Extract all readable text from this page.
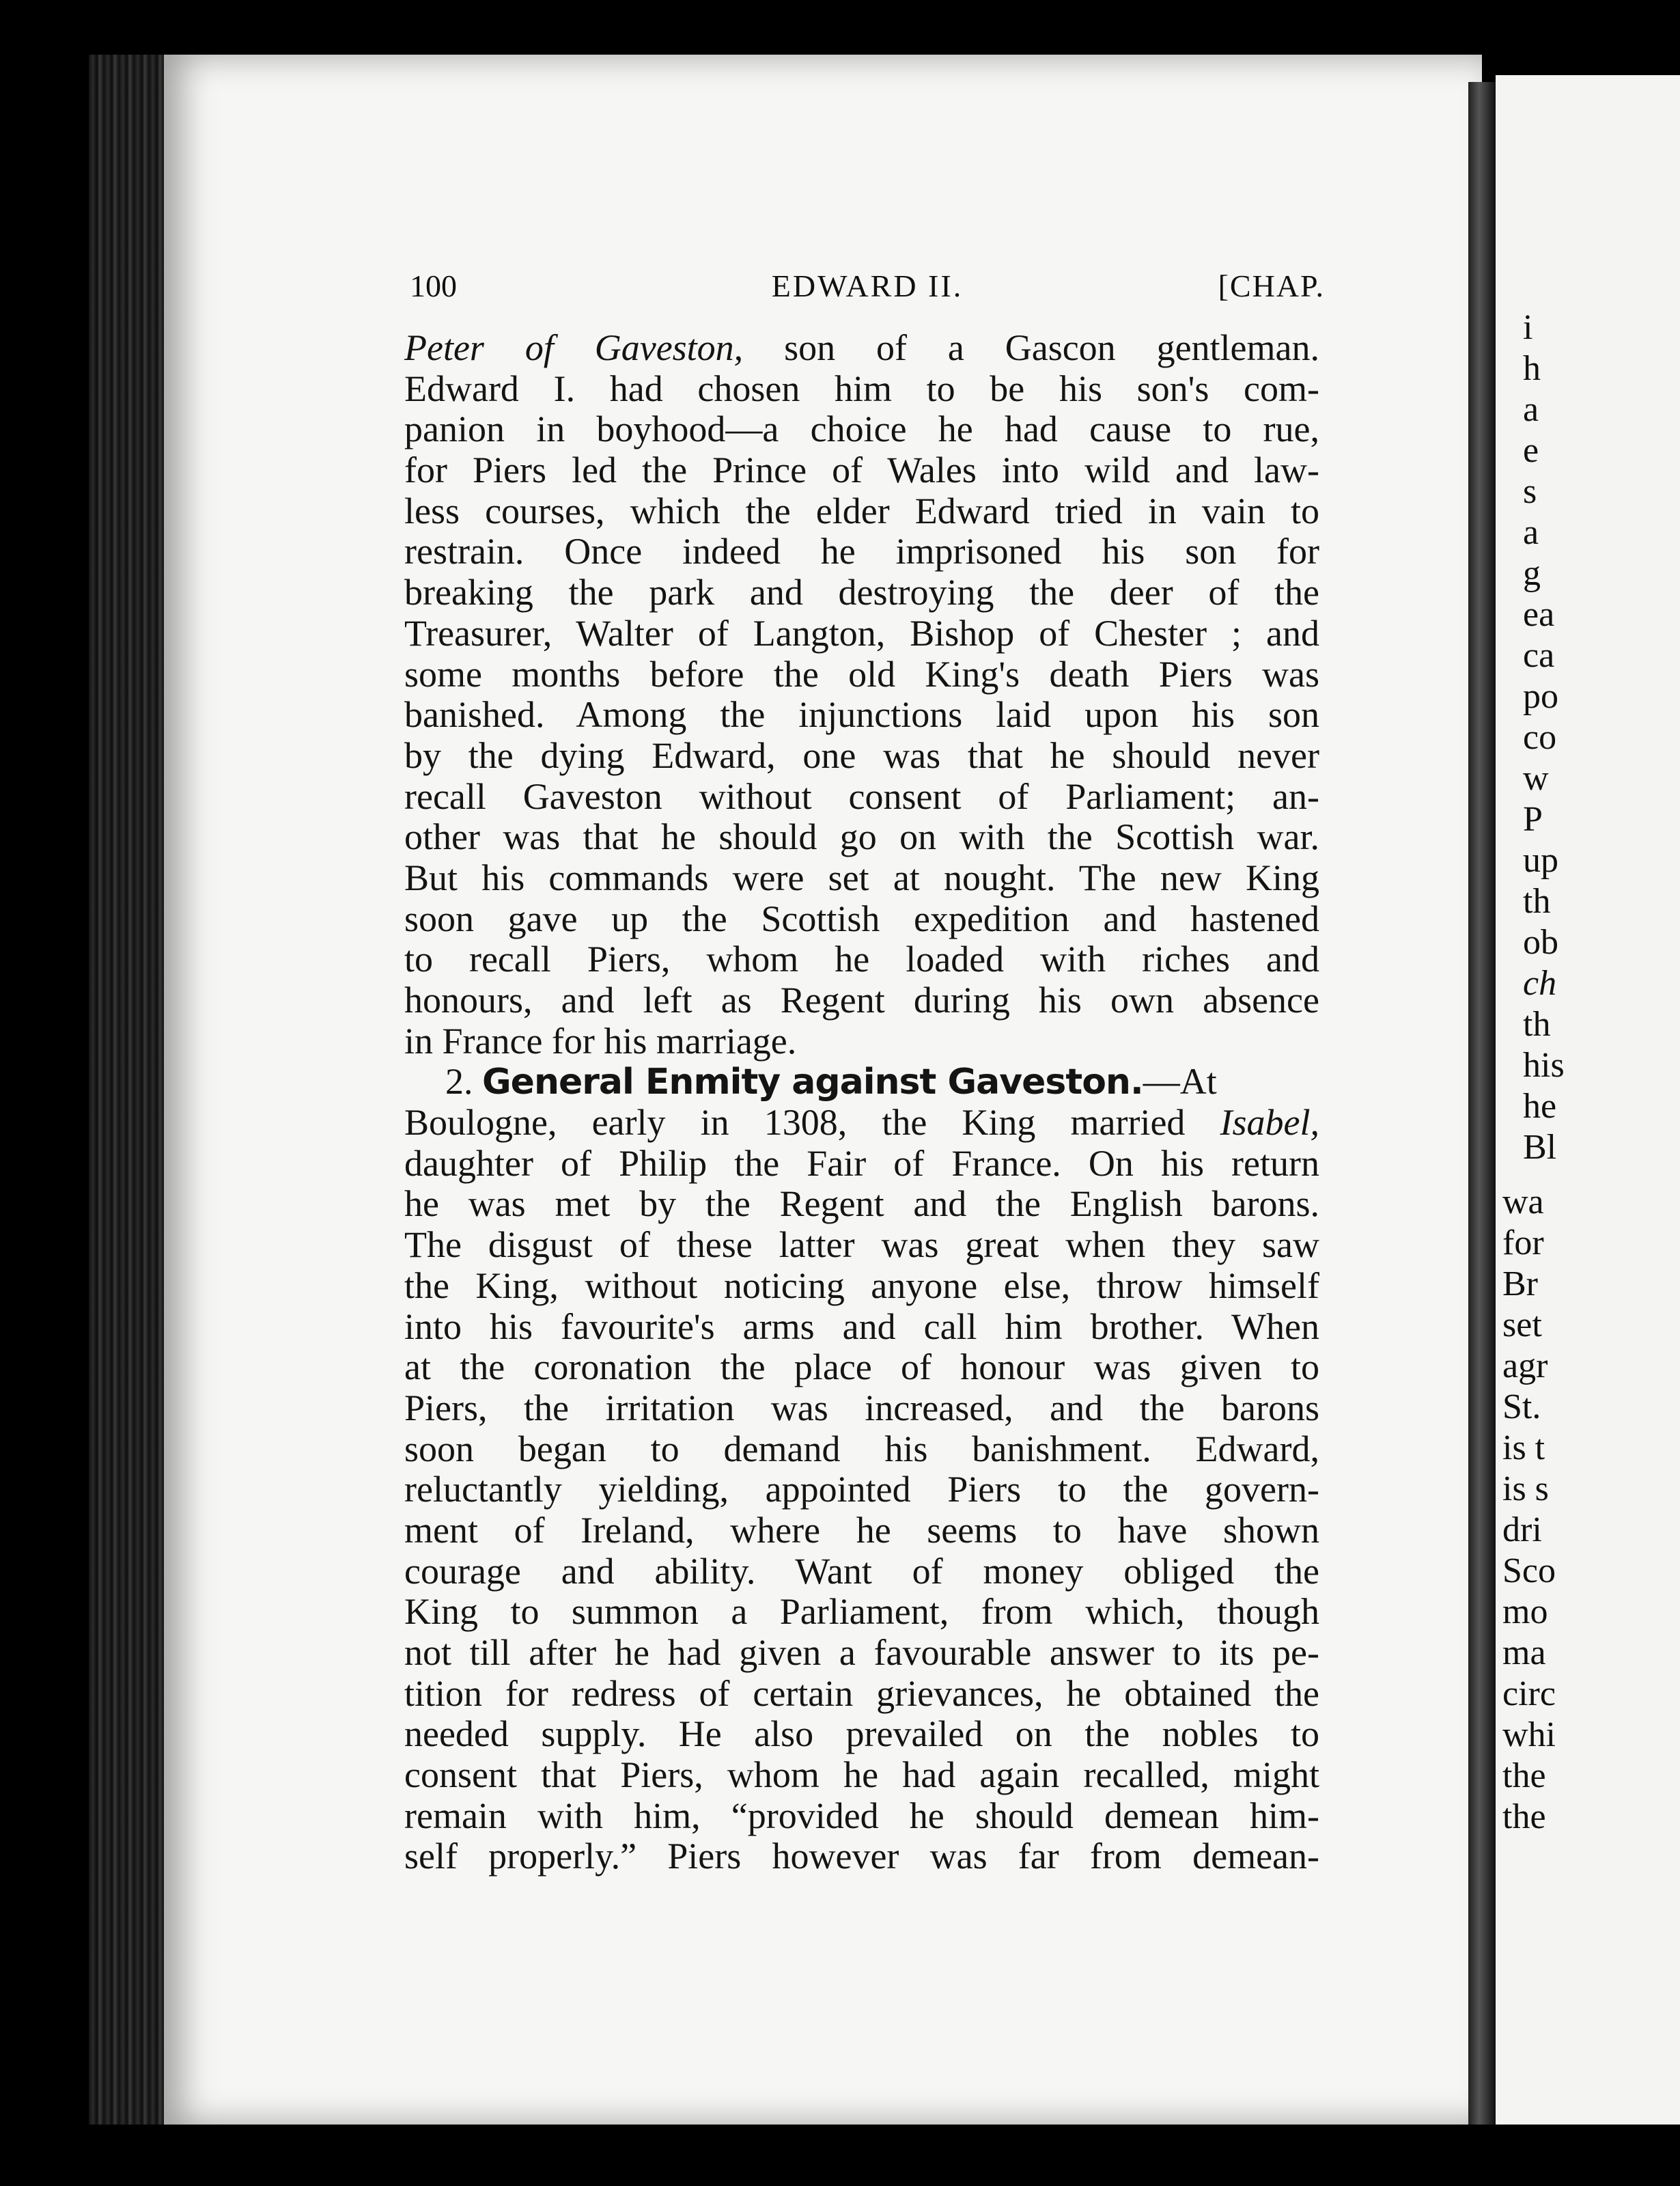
i
h
a
e
s
a
g
ea
ca
po
co
w
P
up
th
ob
ch
th
his
he
Bl
wa
for
Br
set
agr
St.
is t
is s
dri
Sco
mo
ma
circ
whi
the
the
100	EDWARD II.	[CHAP.
Peter of Gaveston, son of a Gascon gentleman.
Edward I. had chosen him to be his son's com-
panion in boyhood—a choice he had cause to rue,
for Piers led the Prince of Wales into wild and law-
less courses, which the elder Edward tried in vain to
restrain. Once indeed he imprisoned his son for
breaking the park and destroying the deer of the
Treasurer, Walter of Langton, Bishop of Chester ; and
some months before the old King's death Piers was
banished. Among the injunctions laid upon his son
by the dying Edward, one was that he should never
recall Gaveston without consent of Parliament; an-
other was that he should go on with the Scottish war.
But his commands were set at nought. The new King
soon gave up the Scottish expedition and hastened
to recall Piers, whom he loaded with riches and
honours, and left as Regent during his own absence
in France for his marriage.
2. General Enmity against Gaveston.—At
Boulogne, early in 1308, the King married Isabel,
daughter of Philip the Fair of France. On his return
he was met by the Regent and the English barons.
The disgust of these latter was great when they saw
the King, without noticing anyone else, throw himself
into his favourite's arms and call him brother. When
at the coronation the place of honour was given to
Piers, the irritation was increased, and the barons
soon began to demand his banishment. Edward,
reluctantly yielding, appointed Piers to the govern-
ment of Ireland, where he seems to have shown
courage and ability. Want of money obliged the
King to summon a Parliament, from which, though
not till after he had given a favourable answer to its pe-
tition for redress of certain grievances, he obtained the
needed supply. He also prevailed on the nobles to
consent that Piers, whom he had again recalled, might
remain with him, “provided he should demean him-
self properly.” Piers however was far from demean-
